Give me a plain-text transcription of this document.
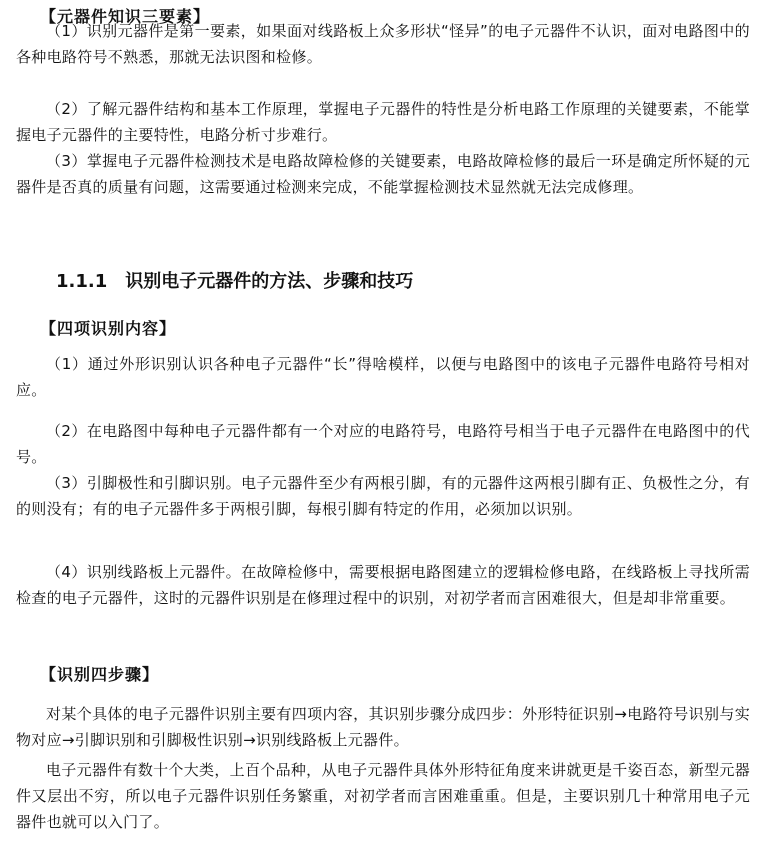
【元器件知识三要素】

（1）识别元器件是第一要素，如果面对线路板上众多形状“怪异”的电子元器件不认识，面对电路图中的各种电路符号不熟悉，那就无法识图和检修。

（2）了解元器件结构和基本工作原理，掌握电子元器件的特性是分析电路工作原理的关键要素，不能掌握电子元器件的主要特性，电路分析寸步难行。

（3）掌握电子元器件检测技术是电路故障检修的关键要素，电路故障检修的最后一环是确定所怀疑的元器件是否真的质量有问题，这需要通过检测来完成，不能掌握检测技术显然就无法完成修理。

1.1.1 识别电子元器件的方法、步骤和技巧
【四项识别内容】

（1）通过外形识别认识各种电子元器件“长”得啥模样，以便与电路图中的该电子元器件电路符号相对应。

（2）在电路图中每种电子元器件都有一个对应的电路符号，电路符号相当于电子元器件在电路图中的代号。

（3）引脚极性和引脚识别。电子元器件至少有两根引脚，有的元器件这两根引脚有正、负极性之分，有的则没有；有的电子元器件多于两根引脚，每根引脚有特定的作用，必须加以识别。

（4）识别线路板上元器件。在故障检修中，需要根据电路图建立的逻辑检修电路，在线路板上寻找所需检查的电子元器件，这时的元器件识别是在修理过程中的识别，对初学者而言困难很大，但是却非常重要。

【识别四步骤】

对某个具体的电子元器件识别主要有四项内容，其识别步骤分成四步：外形特征识别→电路符号识别与实物对应→引脚识别和引脚极性识别→识别线路板上元器件。

电子元器件有数十个大类，上百个品种，从电子元器件具体外形特征角度来讲就更是千姿百态，新型元器件又层出不穷，所以电子元器件识别任务繁重，对初学者而言困难重重。但是，主要识别几十种常用电子元器件也就可以入门了。
